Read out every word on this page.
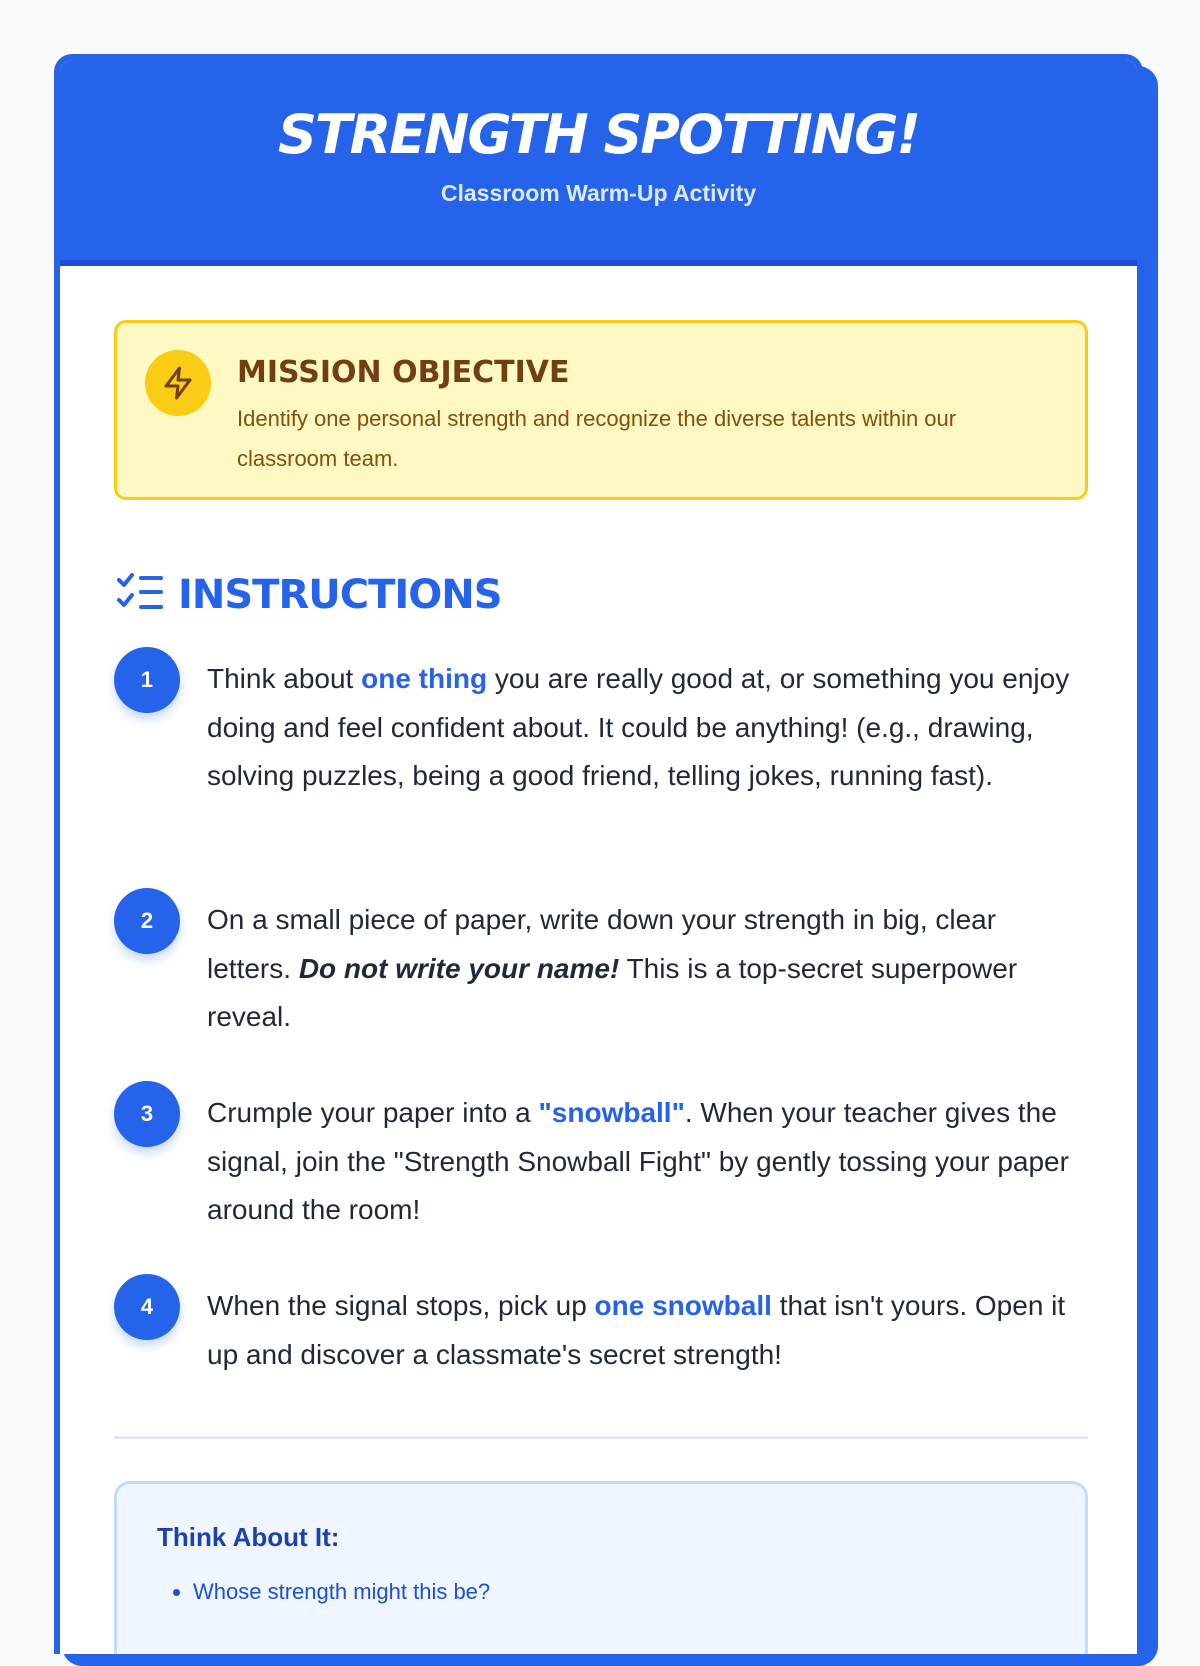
STRENGTH SPOTTING!
Classroom Warm-Up Activity
MISSION OBJECTIVE
Identify one personal strength and recognize the diverse talents within our classroom team.
INSTRUCTIONS
1	Think about one thing you are really good at, or something you enjoy doing and feel confident about. It could be anything! (e.g., drawing, solving puzzles, being a good friend, telling jokes, running fast).
2	On a small piece of paper, write down your strength in big, clear letters. Do not write your name! This is a top-secret superpower reveal.
3	Crumple your paper into a "snowball". When your teacher gives the signal, join the "Strength Snowball Fight" by gently tossing your paper around the room!
4	When the signal stops, pick up one snowball that isn't yours. Open it up and discover a classmate's secret strength!
Think About It:
• Whose strength might this be?
